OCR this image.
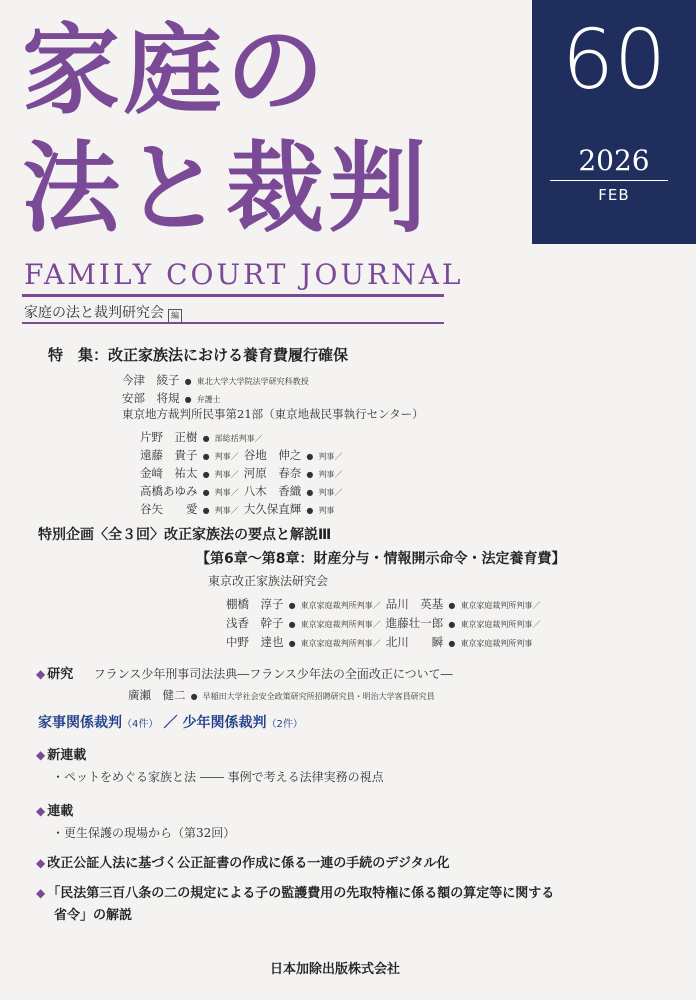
家庭の
法と裁判
FAMILY COURT JOURNAL
家庭の法と裁判研究会 編
60
2026
FEB
特　集：改正家族法における養育費履行確保
今津　綾子 ● 東北大学大学院法学研究科教授
安部　将規 ● 弁護士
東京地方裁判所民事第21部（東京地裁民事執行センター）
片野　正樹 ● 部総括判事／
遠藤　貴子 ● 判事／ 谷地　伸之 ● 判事／
金﨑　祐太 ● 判事／ 河原　春奈 ● 判事／
高橋あゆみ ● 判事／ 八木　香織 ● 判事／
谷矢　　愛 ● 判事／ 大久保直輝 ● 判事
特別企画〈全３回〉改正家族法の要点と解説Ⅲ
【第6章～第8章：財産分与・情報開示命令・法定養育費】
東京改正家族法研究会
棚橋　淳子 ● 東京家庭裁判所判事／ 品川　英基 ● 東京家庭裁判所判事／
浅香　幹子 ● 東京家庭裁判所判事／ 進藤壮一郎 ● 東京家庭裁判所判事／
中野　達也 ● 東京家庭裁判所判事／ 北川　　瞬 ● 東京家庭裁判所判事
◆ 研究 フランス少年刑事司法法典―フランス少年法の全面改正について―
廣瀬　健二 ● 早稲田大学社会安全政策研究所招聘研究員・明治大学客員研究員
家事関係裁判（4件） ／ 少年関係裁判（2件）
◆ 新連載
・ペットをめぐる家族と法 ―― 事例で考える法律実務の視点
◆ 連載
・更生保護の現場から（第32回）
◆ 改正公証人法に基づく公正証書の作成に係る一連の手続のデジタル化
◆ 「民法第三百八条の二の規定による子の監護費用の先取特権に係る額の算定等に関する
省令」の解説
日本加除出版株式会社
